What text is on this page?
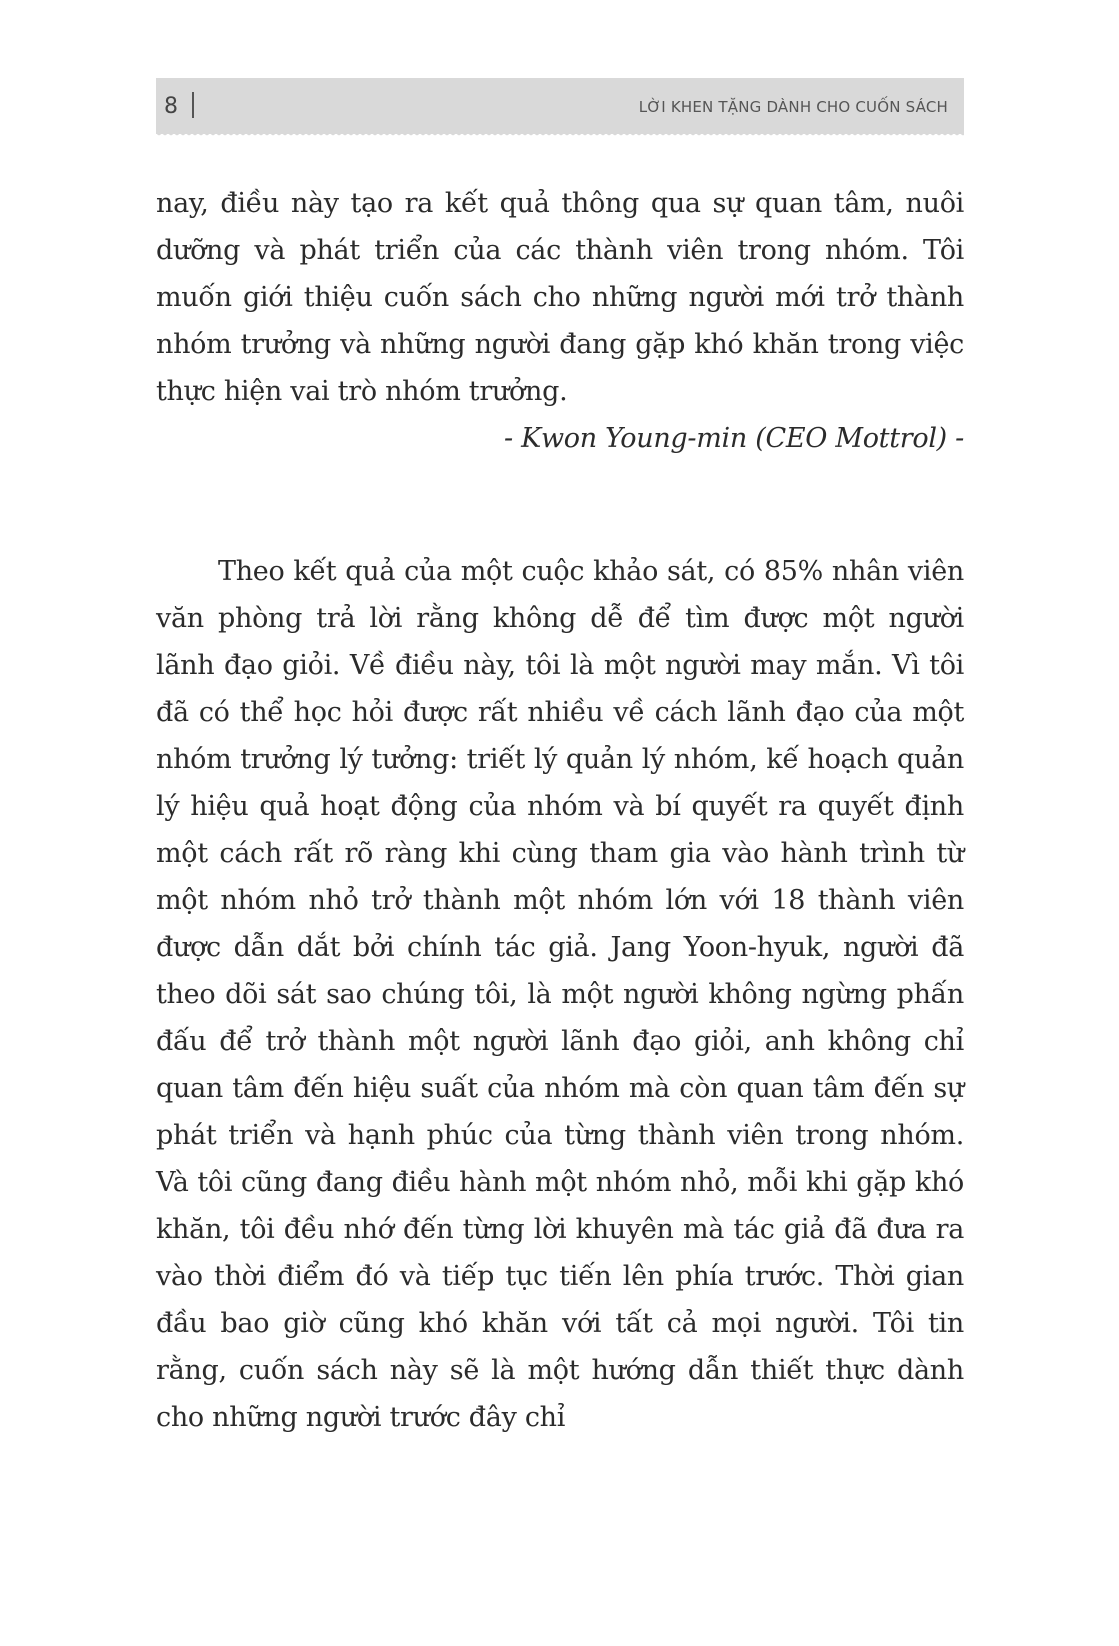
8	LỜI KHEN TẶNG DÀNH CHO CUỐN SÁCH

nay, điều này tạo ra kết quả thông qua sự quan tâm, nuôi dưỡng và phát triển của các thành viên trong nhóm. Tôi muốn giới thiệu cuốn sách cho những người mới trở thành nhóm trưởng và những người đang gặp khó khăn trong việc thực hiện vai trò nhóm trưởng.

- Kwon Young-min (CEO Mottrol) -

Theo kết quả của một cuộc khảo sát, có 85% nhân viên văn phòng trả lời rằng không dễ để tìm được một người lãnh đạo giỏi. Về điều này, tôi là một người may mắn. Vì tôi đã có thể học hỏi được rất nhiều về cách lãnh đạo của một nhóm trưởng lý tưởng: triết lý quản lý nhóm, kế hoạch quản lý hiệu quả hoạt động của nhóm và bí quyết ra quyết định một cách rất rõ ràng khi cùng tham gia vào hành trình từ một nhóm nhỏ trở thành một nhóm lớn với 18 thành viên được dẫn dắt bởi chính tác giả. Jang Yoon-hyuk, người đã theo dõi sát sao chúng tôi, là một người không ngừng phấn đấu để trở thành một người lãnh đạo giỏi, anh không chỉ quan tâm đến hiệu suất của nhóm mà còn quan tâm đến sự phát triển và hạnh phúc của từng thành viên trong nhóm. Và tôi cũng đang điều hành một nhóm nhỏ, mỗi khi gặp khó khăn, tôi đều nhớ đến từng lời khuyên mà tác giả đã đưa ra vào thời điểm đó và tiếp tục tiến lên phía trước. Thời gian đầu bao giờ cũng khó khăn với tất cả mọi người. Tôi tin rằng, cuốn sách này sẽ là một hướng dẫn thiết thực dành cho những người trước đây chỉ
